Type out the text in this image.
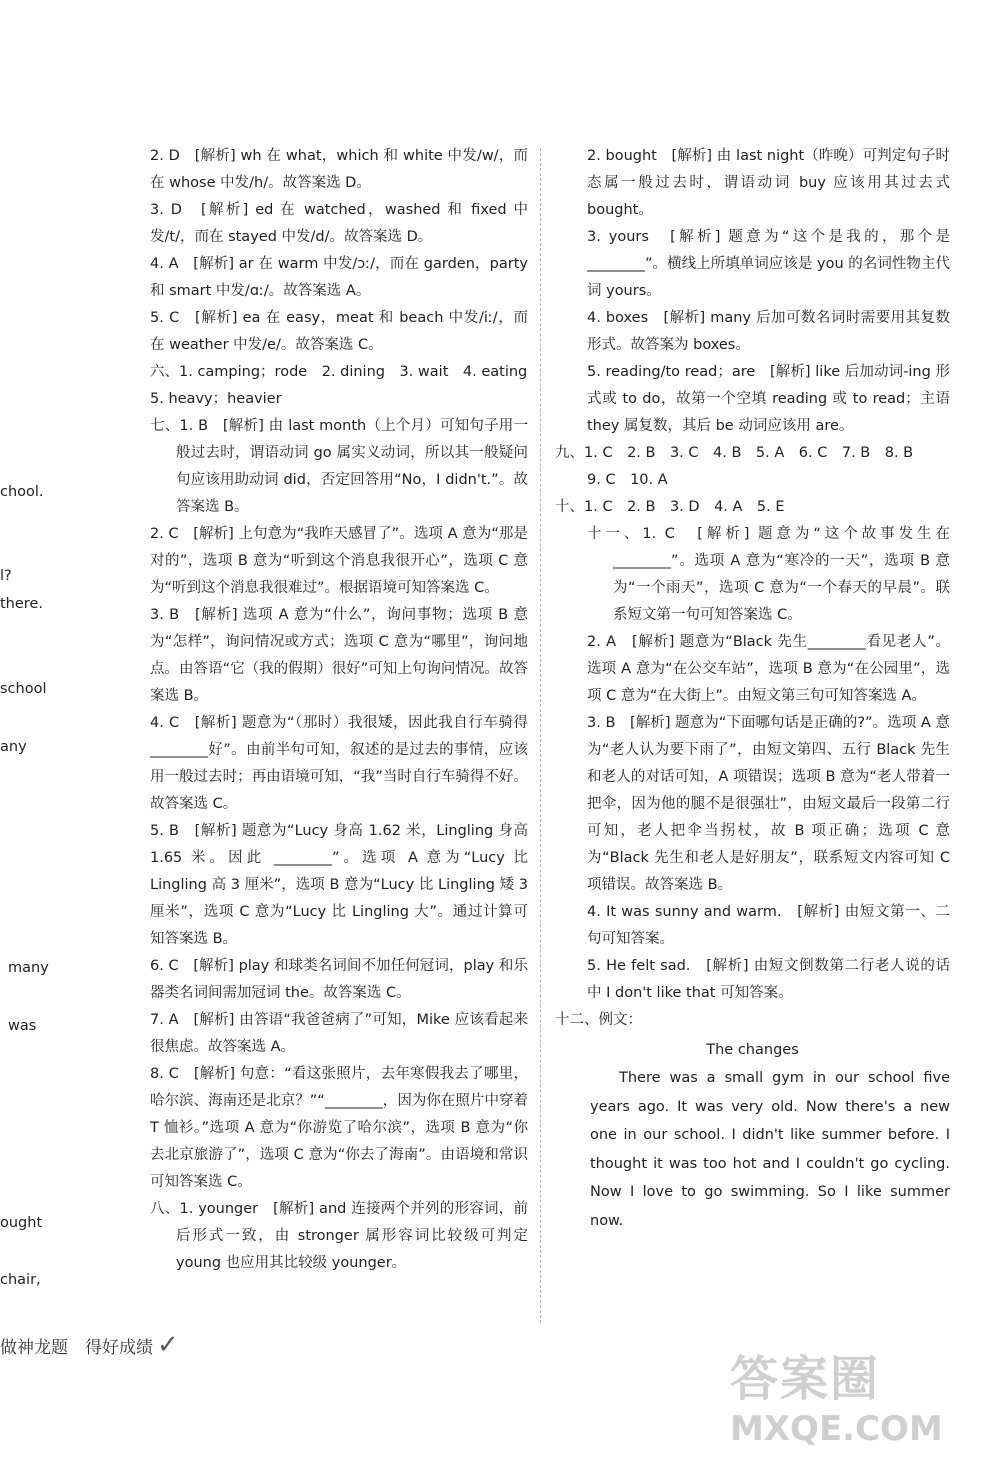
chool.
l?
there.
school
any
many
was
ought
chair,

2. D　[解析] wh 在 what，which 和 white 中发/w/，而在 whose 中发/h/。故答案选 D。

3. D　[解析] ed 在 watched，washed 和 fixed 中发/t/，而在 stayed 中发/d/。故答案选 D。

4. A　[解析] ar 在 warm 中发/ɔː/，而在 garden，party 和 smart 中发/ɑː/。故答案选 A。

5. C　[解析] ea 在 easy，meat 和 beach 中发/iː/，而在 weather 中发/e/。故答案选 C。

六、1. camping；rode　2. dining　3. wait　4. eating

5. heavy；heavier

七、1. B　[解析] 由 last month（上个月）可知句子用一般过去时，谓语动词 go 属实义动词，所以其一般疑问句应该用助动词 did，否定回答用“No，I didn't.”。故答案选 B。

2. C　[解析] 上句意为“我昨天感冒了”。选项 A 意为“那是对的”，选项 B 意为“听到这个消息我很开心”，选项 C 意为“听到这个消息我很难过”。根据语境可知答案选 C。

3. B　[解析] 选项 A 意为“什么”，询问事物；选项 B 意为“怎样”，询问情况或方式；选项 C 意为“哪里”，询问地点。由答语“它（我的假期）很好”可知上句询问情况。故答案选 B。

4. C　[解析] 题意为“（那时）我很矮，因此我自行车骑得________好”。由前半句可知，叙述的是过去的事情，应该用一般过去时；再由语境可知，“我”当时自行车骑得不好。故答案选 C。

5. B　[解析] 题意为“Lucy 身高 1.62 米，Lingling 身高 1.65 米。因此 ________”。选项 A 意为“Lucy 比 Lingling 高 3 厘米”，选项 B 意为“Lucy 比 Lingling 矮 3 厘米”，选项 C 意为“Lucy 比 Lingling 大”。通过计算可知答案选 B。

6. C　[解析] play 和球类名词间不加任何冠词，play 和乐器类名词间需加冠词 the。故答案选 C。

7. A　[解析] 由答语“我爸爸病了”可知，Mike 应该看起来很焦虑。故答案选 A。

8. C　[解析] 句意：“看这张照片，去年寒假我去了哪里，哈尔滨、海南还是北京？”“________，因为你在照片中穿着 T 恤衫。”选项 A 意为“你游览了哈尔滨”，选项 B 意为“你去北京旅游了”，选项 C 意为“你去了海南”。由语境和常识可知答案选 C。

八、1. younger　[解析] and 连接两个并列的形容词，前后形式一致，由 stronger 属形容词比较级可判定 young 也应用其比较级 younger。

2. bought　[解析] 由 last night（昨晚）可判定句子时态属一般过去时，谓语动词 buy 应该用其过去式 bought。

3. yours　[解析] 题意为“这个是我的，那个是________”。横线上所填单词应该是 you 的名词性物主代词 yours。

4. boxes　[解析] many 后加可数名词时需要用其复数形式。故答案为 boxes。

5. reading/to read；are　[解析] like 后加动词-ing 形式或 to do，故第一个空填 reading 或 to read；主语 they 属复数，其后 be 动词应该用 are。

九、1. C　2. B　3. C　4. B　5. A　6. C　7. B　8. B

9. C　10. A

十、1. C　2. B　3. D　4. A　5. E

十一、1. C　[解析] 题意为“这个故事发生在________”。选项 A 意为“寒冷的一天”，选项 B 意为“一个雨天”，选项 C 意为“一个春天的早晨”。联系短文第一句可知答案选 C。

2. A　[解析] 题意为“Black 先生________看见老人”。选项 A 意为“在公交车站”，选项 B 意为“在公园里”，选项 C 意为“在大街上”。由短文第三句可知答案选 A。

3. B　[解析] 题意为“下面哪句话是正确的?”。选项 A 意为“老人认为要下雨了”，由短文第四、五行 Black 先生和老人的对话可知，A 项错误；选项 B 意为“老人带着一把伞，因为他的腿不是很强壮”，由短文最后一段第二行可知，老人把伞当拐杖，故 B 项正确；选项 C 意为“Black 先生和老人是好朋友”，联系短文内容可知 C 项错误。故答案选 B。

4. It was sunny and warm.　[解析] 由短文第一、二句可知答案。

5. He felt sad.　[解析] 由短文倒数第二行老人说的话中 I don't like that 可知答案。

十二、例文：

The changes
There was a small gym in our school five years ago. It was very old. Now there's a new one in our school. I didn't like summer before. I thought it was too hot and I couldn't go cycling. Now I love to go swimming. So I like summer now.
做神龙题　得好成绩 ✓
答案圈
MXQE.COM
